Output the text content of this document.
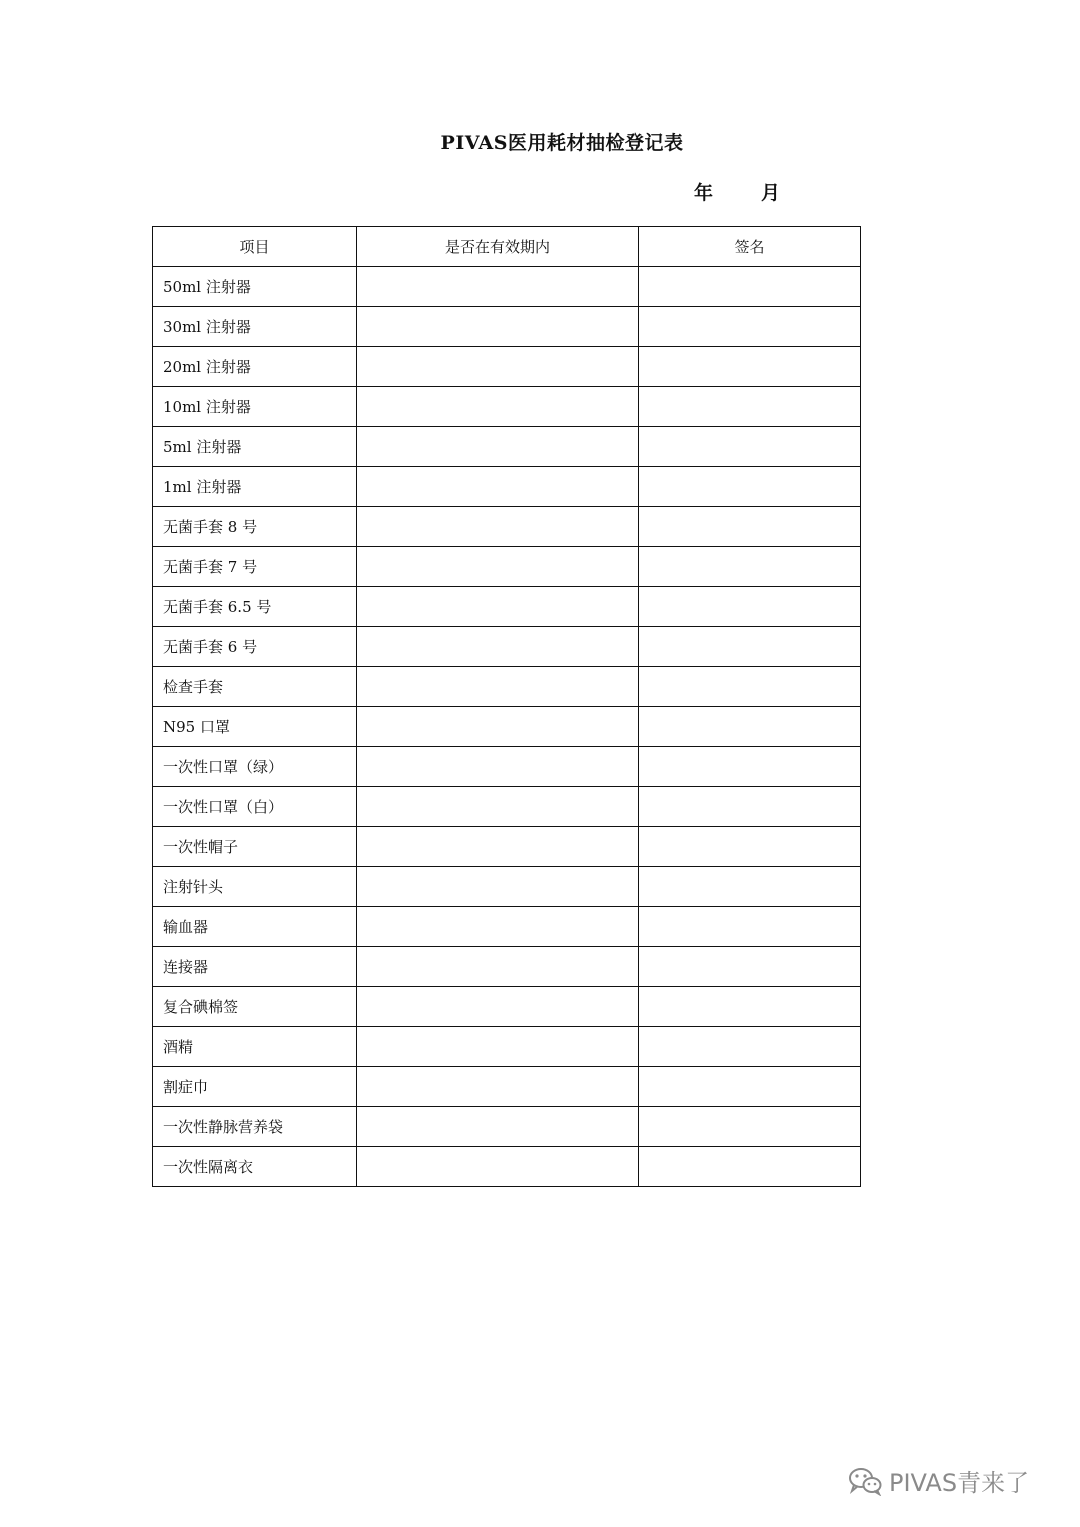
PIVAS医用耗材抽检登记表
年	月
项目	是否在有效期内	签名
50ml 注射器		
30ml 注射器		
20ml 注射器		
10ml 注射器		
5ml 注射器		
1ml 注射器		
无菌手套 8 号		
无菌手套 7 号		
无菌手套 6.5 号		
无菌手套 6 号		
检查手套		
N95 口罩		
一次性口罩（绿）		
一次性口罩（白）		
一次性帽子		
注射针头		
输血器		
连接器		
复合碘棉签		
酒精		
割症巾		
一次性静脉营养袋		
一次性隔离衣		
PIVAS青来了
